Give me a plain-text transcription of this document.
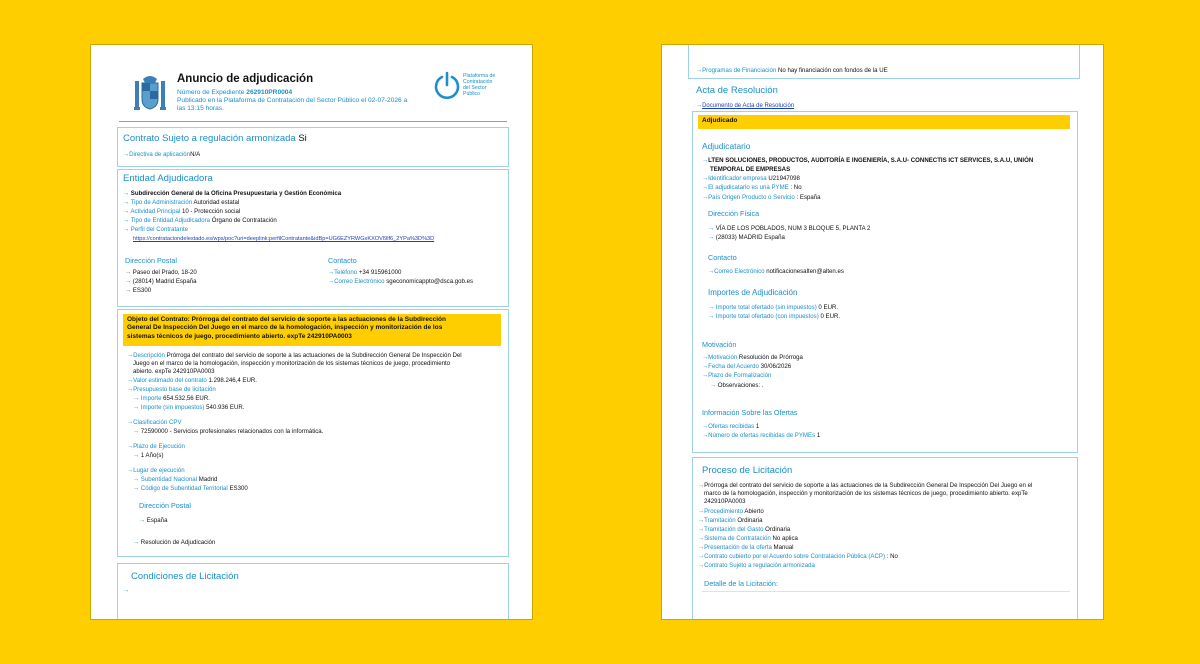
Anuncio de adjudicación
Número de Expediente 262910PR0004
Publicado en la Plataforma de Contratación del Sector Público el 02-07-2026 a
las 13:15 horas.
Plataforma de
Contratación
del Sector
Público
Contrato Sujeto a regulación armonizada Si
→Directiva de aplicaciónN/A
Entidad Adjudicadora
→ Subdirección General de la Oficina Presupuestaria y Gestión Económica
→ Tipo de Administración Autoridad estatal
→ Actividad Principal 10 - Protección social
→ Tipo de Entidad Adjudicadora Órgano de Contratación
→ Perfil del Contratante
https://contrataciondelestado.es/wps/poc?uri=deeplink:perfilContratante&idBp=UG6EZYRWGxKXOVl9lf6_2YPa%3D%3D
Dirección Postal
→ Paseo del Prado, 18-20
→ (28014) Madrid España
→ ES300
Contacto
→Teléfono +34 915961000
→Correo Electrónico sgeconomicappto@dsca.gob.es
Objeto del Contrato: Prórroga del contrato del servicio de soporte a las actuaciones de la Subdirección
General De Inspección Del Juego en el marco de la homologación, inspección y monitorización de los
sistemas técnicos de juego, procedimiento abierto. expTe 242910PA0003
→Descripción Prórroga del contrato del servicio de soporte a las actuaciones de la Subdirección General De Inspección Del
Juego en el marco de la homologación, inspección y monitorización de los sistemas técnicos de juego, procedimiento
abierto. expTe 242910PA0003
→Valor estimado del contrato 1.298.246,4 EUR.
→Presupuesto base de licitación
→ Importe 654.532,56 EUR.
→ Importe (sin impuestos) 540.936 EUR.
→Clasificación CPV
→ 72590000 - Servicios profesionales relacionados con la informática.
→Plazo de Ejecución
→ 1 Año(s)
→Lugar de ejecución
→ Subentidad Nacional Madrid
→ Código de Subentidad Territorial ES300
Dirección Postal
→ España
→ Resolución de Adjudicación
Condiciones de Licitación
→
→Programas de Financiación No hay financiación con fondos de la UE
Acta de Resolución
→Documento de Acta de Resolución
Adjudicado
Adjudicatario
→LTEN SOLUCIONES, PRODUCTOS, AUDITORÍA E INGENIERÍA, S.A.U- CONNECTIS ICT SERVICES, S.A.U, UNIÓN
TEMPORAL DE EMPRESAS
→Identificador empresa U21947098
→El adjudicatario es una PYME : No
→País Origen Producto o Servicio : España
Dirección Física
→ VÍA DE LOS POBLADOS, NUM 3 BLOQUE 5, PLANTA 2
→ (28033) MADRID España
Contacto
→Correo Electrónico notificacionesalten@alten.es
Importes de Adjudicación
→ Importe total ofertado (sin impuestos) 0 EUR.
→ Importe total ofertado (con impuestos) 0 EUR.
Motivación
→Motivación Resolución de Prórroga
→Fecha del Acuerdo 30/06/2026
→Plazo de Formalización
→ Observaciones: .
Información Sobre las Ofertas
→Ofertas recibidas 1
→Número de ofertas recibidas de PYMEs 1
Proceso de Licitación
→Prórroga del contrato del servicio de soporte a las actuaciones de la Subdirección General De Inspección Del Juego en el
marco de la homologación, inspección y monitorización de los sistemas técnicos de juego, procedimiento abierto. expTe
242910PA0003
→Procedimiento Abierto
→Tramitación Ordinaria
→Tramitación del Gasto Ordinaria
→Sistema de Contratación No aplica
→Presentación de la oferta Manual
→Contrato cubierto por el Acuerdo sobre Contratación Pública (ACP) : No
→Contrato Sujeto a regulación armonizada
Detalle de la Licitación:
